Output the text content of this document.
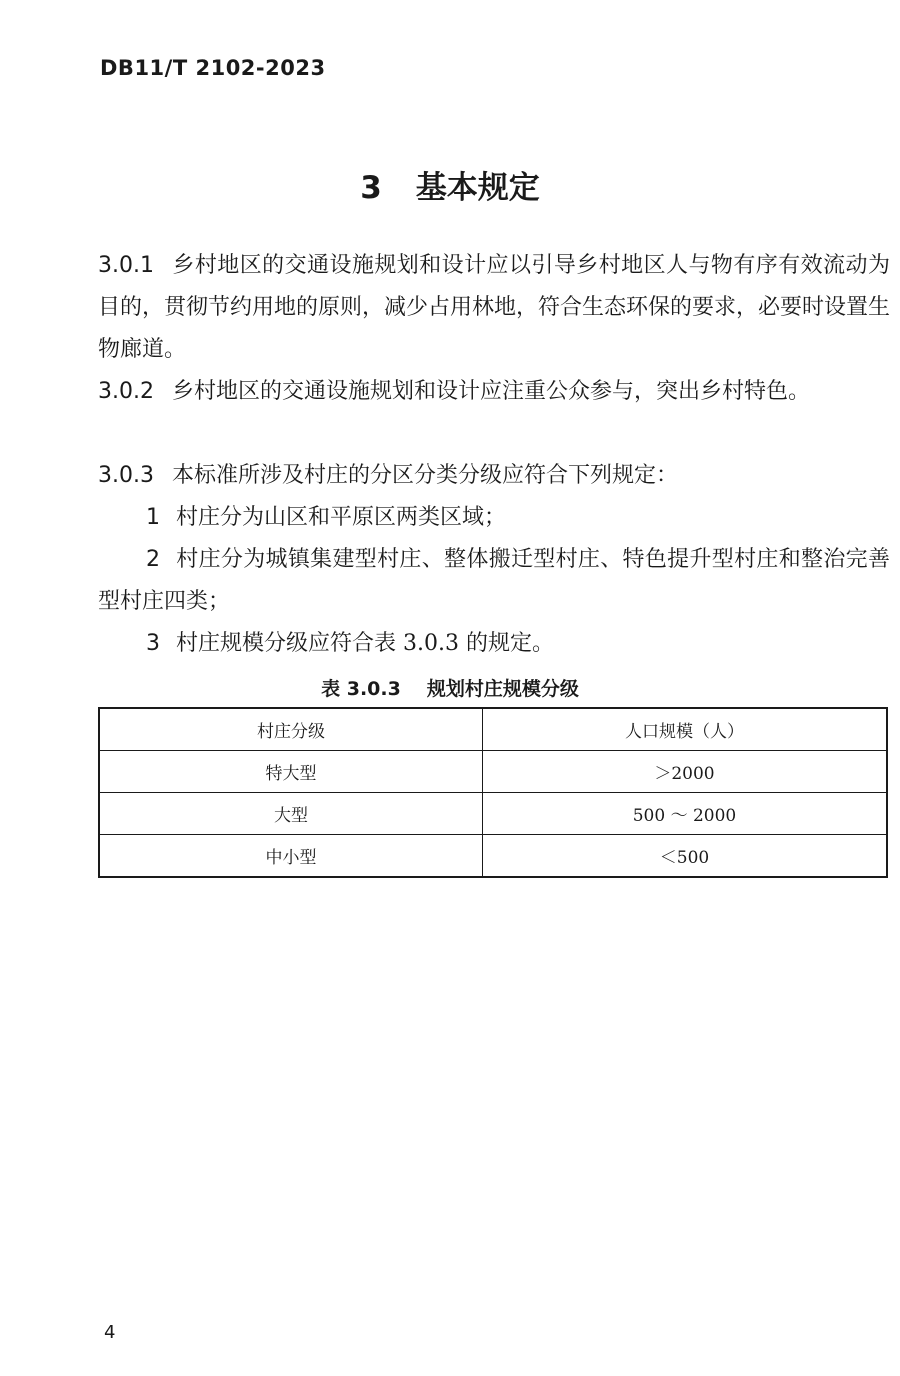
DB11/T 2102-2023
3 基本规定
3.0.1 乡村地区的交通设施规划和设计应以引导乡村地区人与物有序有效流动为目的，贯彻节约用地的原则，减少占用林地，符合生态环保的要求，必要时设置生物廊道。
3.0.2 乡村地区的交通设施规划和设计应注重公众参与，突出乡村特色。
3.0.3 本标准所涉及村庄的分区分类分级应符合下列规定：
1 村庄分为山区和平原区两类区域；
2 村庄分为城镇集建型村庄、整体搬迁型村庄、特色提升型村庄和整治完善型村庄四类；
3 村庄规模分级应符合表 3.0.3 的规定。
表 3.0.3 规划村庄规模分级
村庄分级	人口规模（人）
特大型	＞2000
大型	500 ～ 2000
中小型	＜500
4
